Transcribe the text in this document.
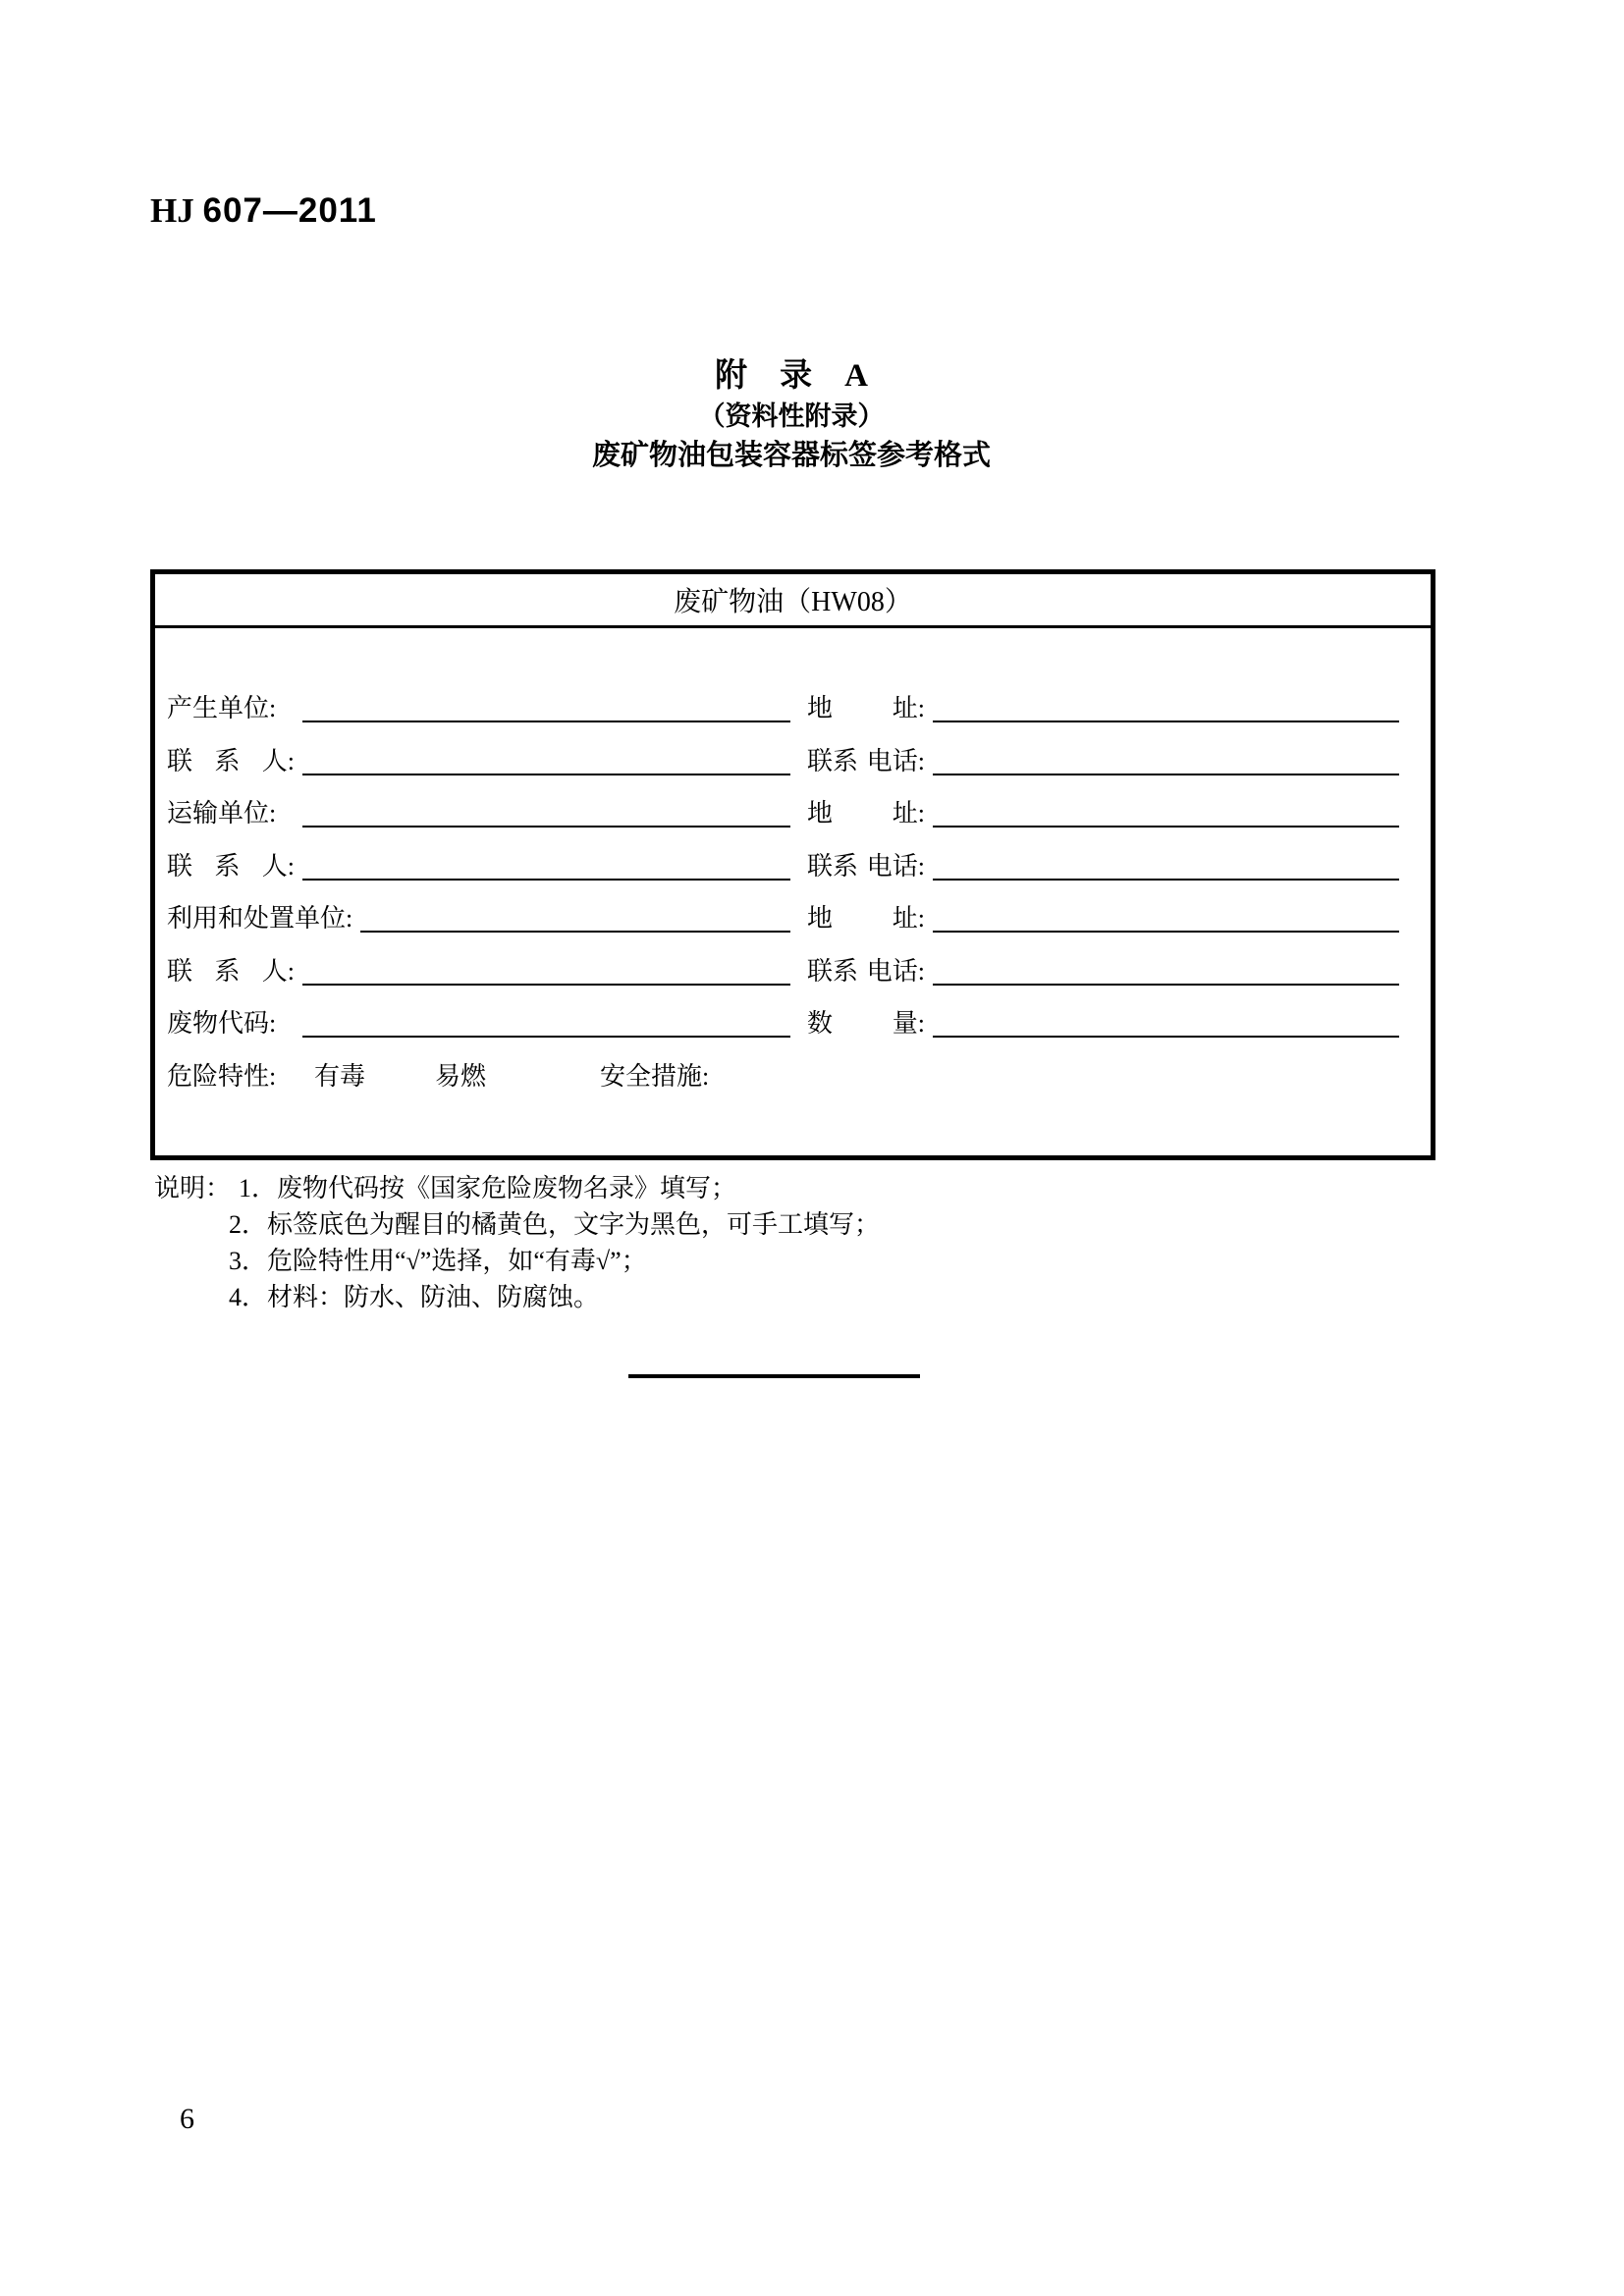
HJ 607—2011
附　录　A
（资料性附录）
废矿物油包装容器标签参考格式
废矿物油（HW08）
产生单位:	地 址:
联 系 人:	联系 电话:
运输单位:	地 址:
联 系 人:	联系 电话:
利用和处置单位:	地 址:
联 系 人:	联系 电话:
废物代码:	数 量:
危险特性:	有毒	易燃	安全措施:
说明： 1．废物代码按《国家危险废物名录》填写；
2．标签底色为醒目的橘黄色，文字为黑色，可手工填写；
3．危险特性用“√”选择，如“有毒√”；
4．材料：防水、防油、防腐蚀。
6
